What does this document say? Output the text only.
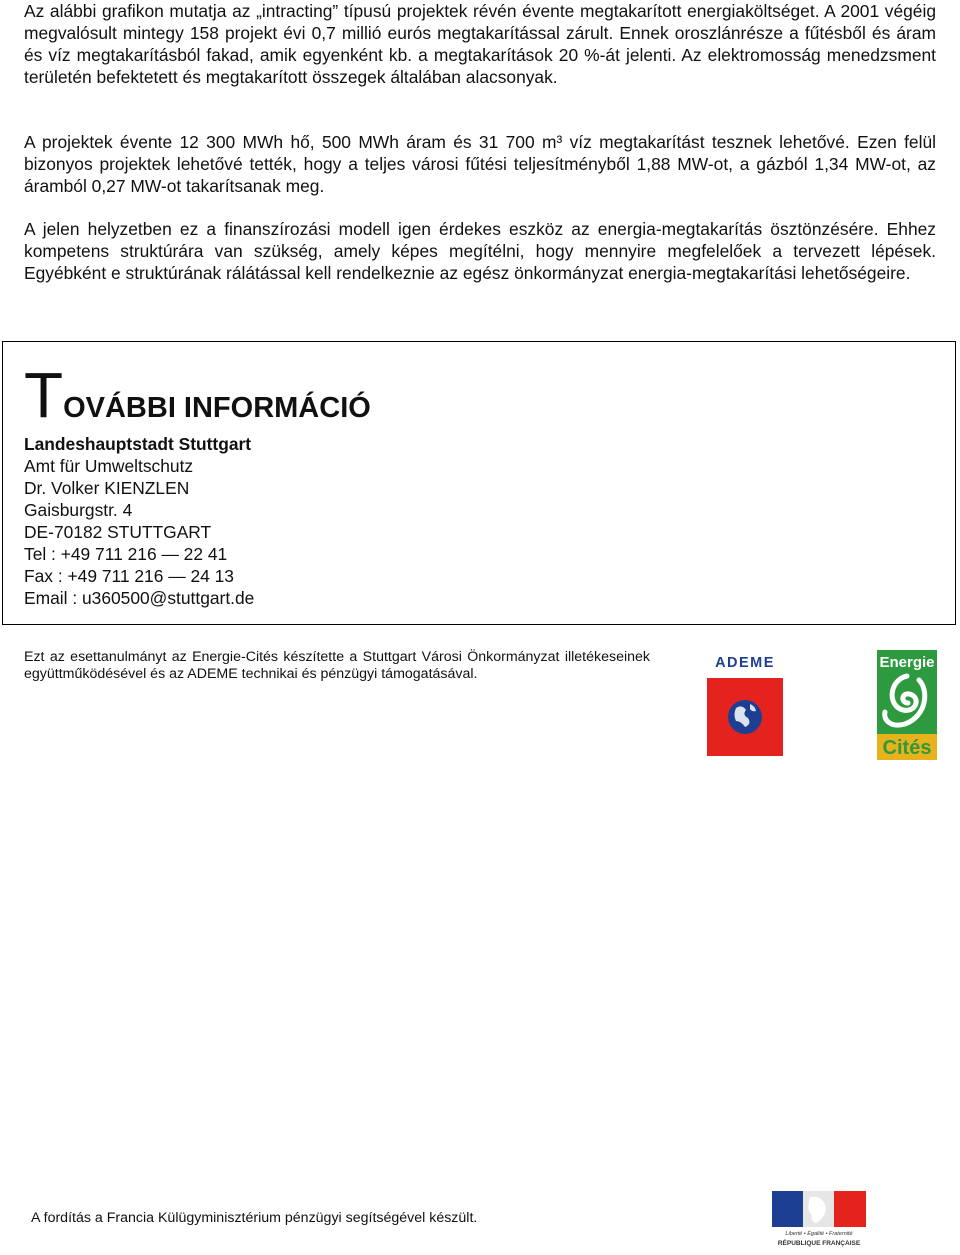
Az alábbi grafikon mutatja az „intracting” típusú projektek révén évente megtakarított energiaköltséget. A 2001 végéig megvalósult mintegy 158 projekt évi 0,7 millió eurós megtakarítással zárult. Ennek oroszlánrésze a fűtésből és áram és víz megtakarításból fakad, amik egyenként kb. a megtakarítások 20 %-át jelenti. Az elektromosság menedzsment területén befektetett és megtakarított összegek általában alacsonyak.

A projektek évente 12 300 MWh hő, 500 MWh áram és 31 700 m³ víz megtakarítást tesznek lehetővé. Ezen felül bizonyos projektek lehetővé tették, hogy a teljes városi fűtési teljesítményből 1,88 MW-ot, a gázból 1,34 MW-ot, az áramból 0,27 MW-ot takarítsanak meg.

A jelen helyzetben ez a finanszírozási modell igen érdekes eszköz az energia-megtakarítás ösztönzésére. Ehhez kompetens struktúrára van szükség, amely képes megítélni, hogy mennyire megfelelőek a tervezett lépések. Egyébként e struktúrának rálátással kell rendelkeznie az egész önkormányzat energia-megtakarítási lehetőségeire.

TOVÁBBI INFORMÁCIÓ
Landeshauptstadt Stuttgart
Amt für Umweltschutz
Dr. Volker KIENZLEN
Gaisburgstr. 4
DE-70182 STUTTGART
Tel : +49 711 216 — 22 41
Fax : +49 711 216 — 24 13
Email : u360500@stuttgart.de

Ezt az esettanulmányt az Energie-Cités készítette a Stuttgart Városi Önkormányzat illetékeseinek együttműködésével és az ADEME technikai és pénzügyi támogatásával.

ADEME	Energie
Cités

A fordítás a Francia Külügyminisztérium pénzügyi segítségével készült.

Liberté • Égalité • Fraternité
RÉPUBLIQUE FRANÇAISE
